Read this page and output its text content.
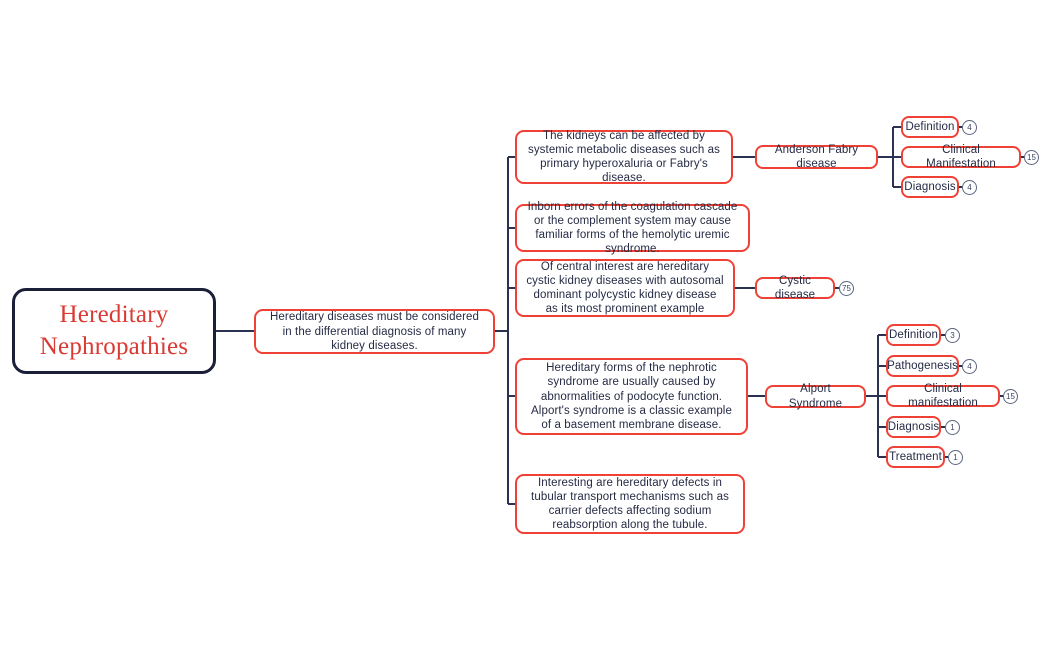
Hereditary
Nephropathies
Hereditary diseases must be considered in the differential diagnosis of many kidney diseases.
The kidneys can be affected by systemic metabolic diseases such as primary hyperoxaluria or Fabry's disease.
Inborn errors of the coagulation cascade or the complement system may cause familiar forms of the hemolytic uremic syndrome.
Of central interest are hereditary cystic kidney diseases with autosomal dominant polycystic kidney disease as its most prominent example
Hereditary forms of the nephrotic syndrome are usually caused by abnormalities of podocyte function. Alport's syndrome is a classic example of a basement membrane disease.
Interesting are hereditary defects in tubular transport mechanisms such as carrier defects affecting sodium reabsorption along the tubule.
Anderson Fabry disease
Definition	4
Clinical Manifestation
15
Diagnosis	4
Cystic disease
75
Alport Syndrome
Definition	3
Pathogenesis	4
Clinical manifestation
15
Diagnosis	1
Treatment	1
